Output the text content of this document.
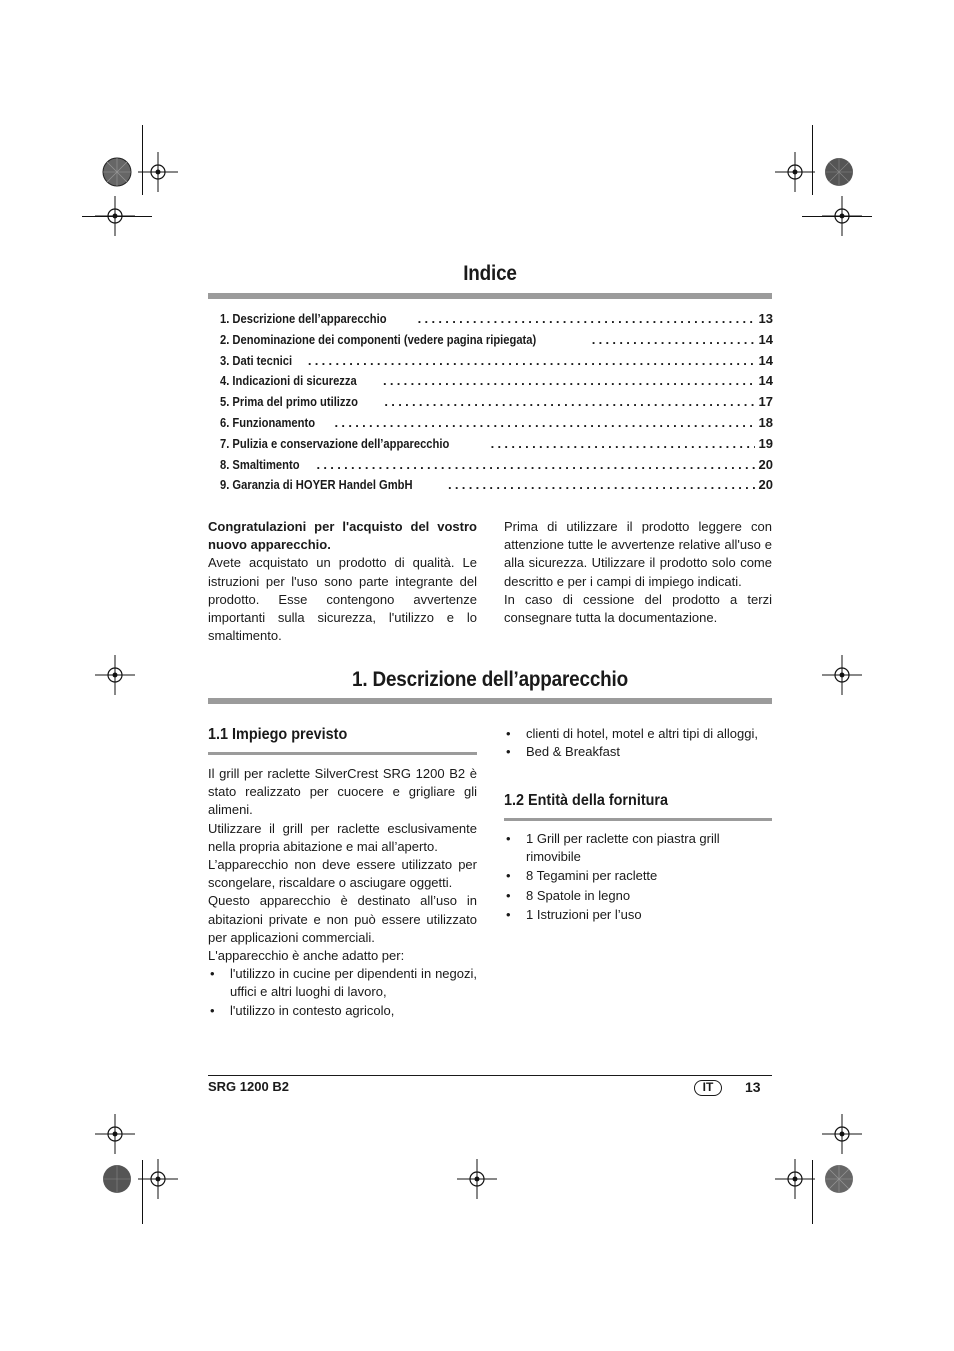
Indice
1. Descrizione dell’apparecchio .....	13
2. Denominazione dei componenti (vedere pagina ripiegata) .....	14
3. Dati tecnici .....	14
4. Indicazioni di sicurezza .....	14
5. Prima del primo utilizzo .....	17
6. Funzionamento .....	18
7. Pulizia e conservazione dell’apparecchio .....	19
8. Smaltimento .....	20
9. Garanzia di HOYER Handel GmbH .....	20

Congratulazioni per l'acquisto del vostro nuovo apparecchio.

Avete acquistato un prodotto di qualità. Le istruzioni per l'uso sono parte integrante del prodotto. Esse contengono avvertenze importanti sulla sicurezza, l'utilizzo e lo smaltimento.

Prima di utilizzare il prodotto leggere con attenzione tutte le avvertenze relative all'uso e alla sicurezza. Utilizzare il prodotto solo come descritto e per i campi di impiego indicati.

In caso di cessione del prodotto a terzi consegnare tutta la documentazione.

1. Descrizione dell’apparecchio
1.1 Impiego previsto

Il grill per raclette SilverCrest SRG 1200 B2 è stato realizzato per cuocere e grigliare gli alimeni.

Utilizzare il grill per raclette esclusivamente nella propria abitazione e mai all’aperto.

L’apparecchio non deve essere utilizzato per scongelare, riscaldare o asciugare oggetti.

Questo apparecchio è destinato all’uso in abitazioni private e non può essere utilizzato per applicazioni commerciali.

L'apparecchio è anche adatto per:

• l'utilizzo in cucine per dipendenti in negozi, uffici e altri luoghi di lavoro,
• l'utilizzo in contesto agricolo,
• clienti di hotel, motel e altri tipi di alloggi,
• Bed & Breakfast
1.2 Entità della fornitura
• 1 Grill per raclette con piastra grill rimovibile
• 8 Tegamini per raclette
• 8 Spatole in legno
• 1 Istruzioni per l’uso
SRG 1200 B2	IT	13
